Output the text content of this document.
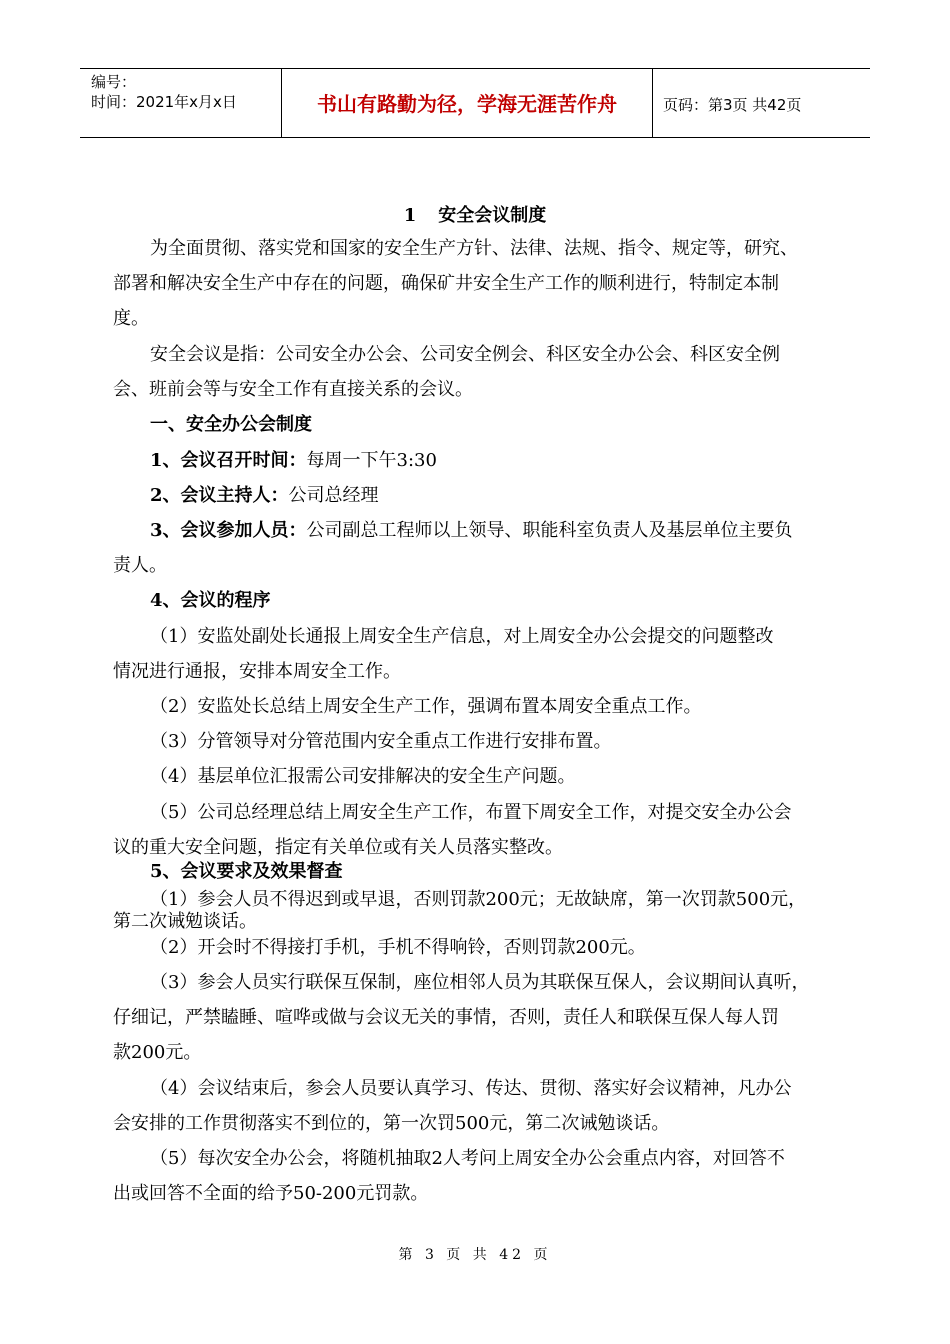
编号：
时间：2021年x月x日	书山有路勤为径，学海无涯苦作舟	页码：第3页 共42页
1 安全会议制度
为全面贯彻、落实党和国家的安全生产方针、法律、法规、指令、规定等，研究、
部署和解决安全生产中存在的问题，确保矿井安全生产工作的顺利进行，特制定本制
度。
安全会议是指：公司安全办公会、公司安全例会、科区安全办公会、科区安全例
会、班前会等与安全工作有直接关系的会议。
一、安全办公会制度
1、会议召开时间：每周一下午3:30
2、会议主持人：公司总经理
3、会议参加人员：公司副总工程师以上领导、职能科室负责人及基层单位主要负
责人。
4、会议的程序
（1）安监处副处长通报上周安全生产信息，对上周安全办公会提交的问题整改
情况进行通报，安排本周安全工作。
（2）安监处长总结上周安全生产工作，强调布置本周安全重点工作。
（3）分管领导对分管范围内安全重点工作进行安排布置。
（4）基层单位汇报需公司安排解决的安全生产问题。
（5）公司总经理总结上周安全生产工作，布置下周安全工作，对提交安全办公会
议的重大安全问题，指定有关单位或有关人员落实整改。
5、会议要求及效果督查
（1）参会人员不得迟到或早退，否则罚款200元；无故缺席，第一次罚款500元，
第二次诫勉谈话。
（2）开会时不得接打手机，手机不得响铃，否则罚款200元。
（3）参会人员实行联保互保制，座位相邻人员为其联保互保人，会议期间认真听，
仔细记，严禁瞌睡、喧哗或做与会议无关的事情，否则，责任人和联保互保人每人罚
款200元。
（4）会议结束后，参会人员要认真学习、传达、贯彻、落实好会议精神，凡办公
会安排的工作贯彻落实不到位的，第一次罚500元，第二次诫勉谈话。
（5）每次安全办公会，将随机抽取2人考问上周安全办公会重点内容，对回答不
出或回答不全面的给予50-200元罚款。
第 3 页 共 42 页
